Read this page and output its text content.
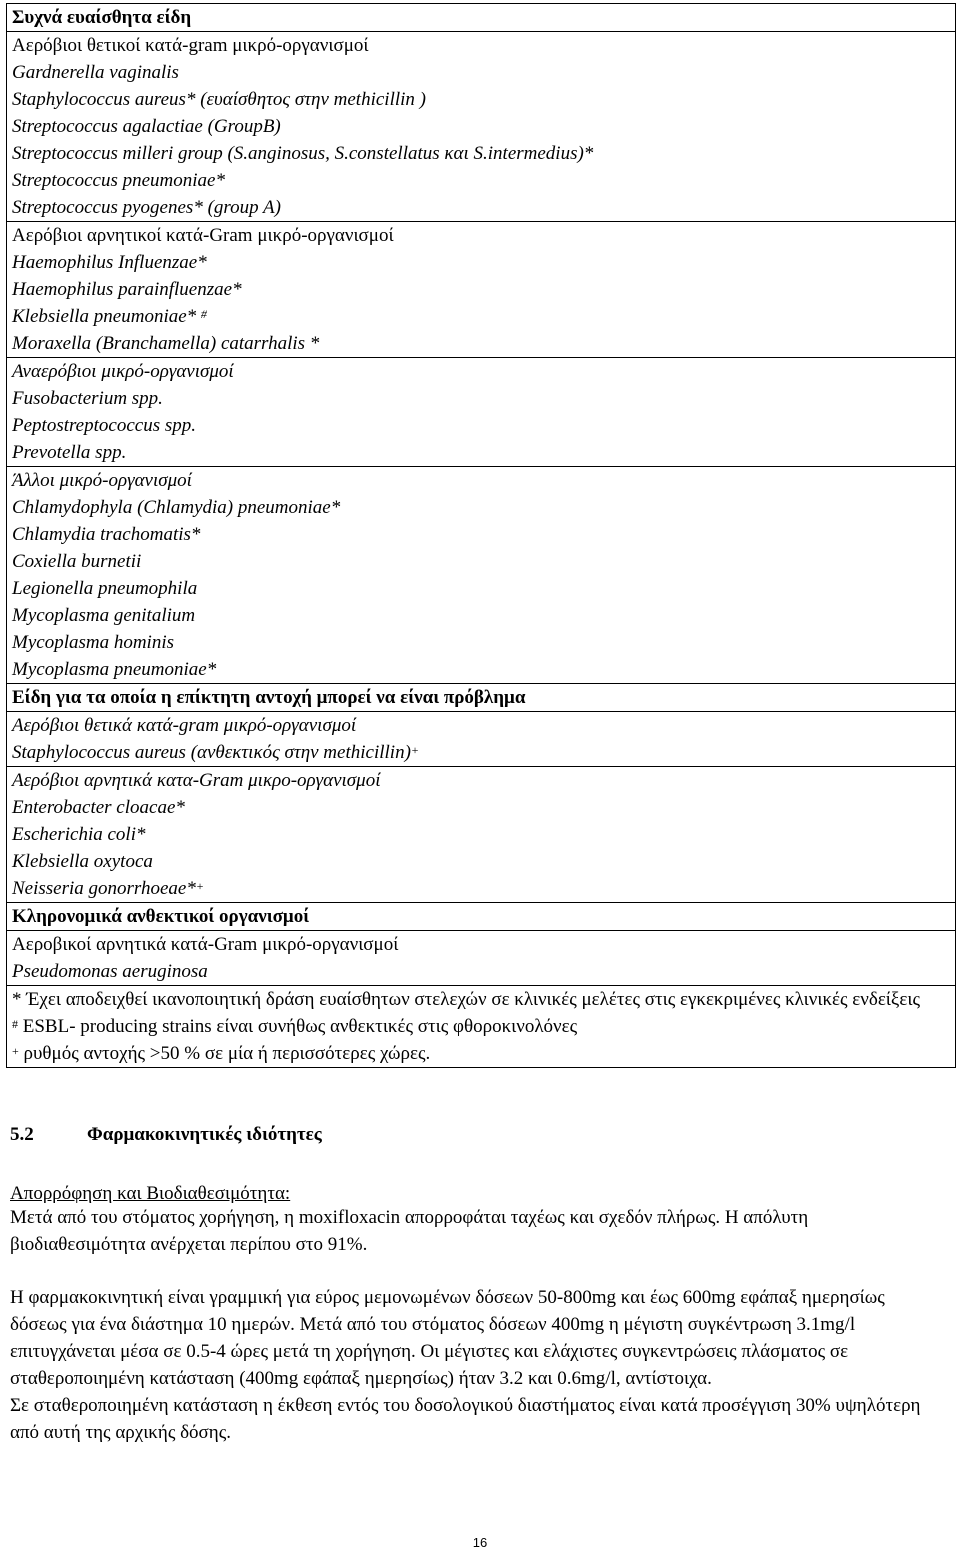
Συχνά ευαίσθητα είδη

Αερόβιοι θετικοί κατά-gram μικρό-οργανισμοί
Gardnerella vaginalis
Staphylococcus aureus* (ευαίσθητος στην methicillin )
Streptococcus agalactiae (GroupB)
Streptococcus milleri group (S.anginosus, S.constellatus και S.intermedius)*
Streptococcus pneumoniae*
Streptococcus pyogenes* (group A)

Αερόβιοι αρνητικοί κατά-Gram μικρό-οργανισμοί
Haemophilus Influenzae*
Haemophilus parainfluenzae*
Klebsiella pneumoniae* #
Moraxella (Branchamella) catarrhalis *

Αναερόβιοι μικρό-οργανισμοί
Fusobacterium spp.
Peptostreptococcus spp.
Prevotella spp.

Άλλοι μικρό-οργανισμοί
Chlamydophyla (Chlamydia) pneumoniae*
Chlamydia trachomatis*
Coxiella burnetii
Legionella pneumophila
Mycoplasma genitalium
Mycoplasma hominis
Mycoplasma pneumoniae*

Είδη για τα οποία η επίκτητη αντοχή μπορεί να είναι πρόβλημα

Αερόβιοι θετικά κατά-gram μικρό-οργανισμοί
Staphylococcus aureus (ανθεκτικός στην methicillin)+

Αερόβιοι αρνητικά κατα-Gram μικρο-οργανισμοί
Enterobacter cloacae*
Escherichia coli*
Klebsiella oxytoca
Neisseria gonorrhoeae*+

Κληρονομικά ανθεκτικοί οργανισμοί

Αεροβικοί αρνητικά κατά-Gram μικρό-οργανισμοί
Pseudomonas aeruginosa

* Έχει αποδειχθεί ικανοποιητική δράση ευαίσθητων στελεχών σε κλινικές μελέτες στις εγκεκριμένες κλινικές ενδείξεις
# ESBL- producing strains είναι συνήθως ανθεκτικές στις φθοροκινολόνες
+ ρυθμός αντοχής >50 % σε μία ή περισσότερες χώρες.
5.2	Φαρμακοκινητικές ιδιότητες
Απορρόφηση και Βιοδιαθεσιμότητα:
Μετά από του στόματος χορήγηση, η moxifloxacin απορροφάται ταχέως και σχεδόν πλήρως. Η απόλυτη βιοδιαθεσιμότητα ανέρχεται περίπου στο 91%.
Η φαρμακοκινητική είναι γραμμική για εύρος μεμονωμένων δόσεων 50-800mg και έως 600mg εφάπαξ ημερησίως δόσεως για ένα διάστημα 10 ημερών. Μετά από του στόματος δόσεων 400mg η μέγιστη συγκέντρωση 3.1mg/l επιτυγχάνεται μέσα σε 0.5-4 ώρες μετά τη χορήγηση. Οι μέγιστες και ελάχιστες συγκεντρώσεις πλάσματος σε σταθεροποιημένη κατάσταση (400mg εφάπαξ ημερησίως) ήταν 3.2 και 0.6mg/l, αντίστοιχα.
Σε σταθεροποιημένη κατάσταση η έκθεση εντός του δοσολογικού διαστήματος είναι κατά προσέγγιση 30% υψηλότερη από αυτή της αρχικής δόσης.
16
